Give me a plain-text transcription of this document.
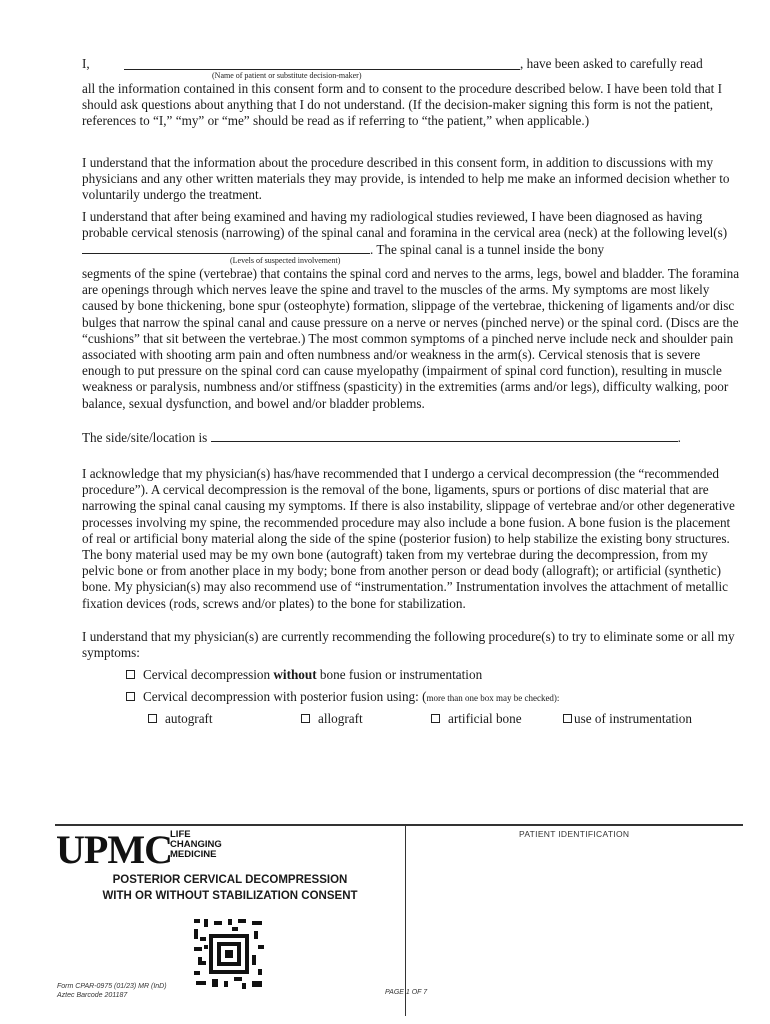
I,	, have been asked to carefully read
(Name of patient or substitute decision-maker)

all the information contained in this consent form and to consent to the procedure described below. I have been told that I should ask questions about anything that I do not understand. (If the decision-maker signing this form is not the patient, references to “I,” “my” or “me” should be read as if referring to “the patient,” when applicable.)

I understand that the information about the procedure described in this consent form, in addition to discussions with my physicians and any other written materials they may provide, is intended to help me make an informed decision whether to voluntarily undergo the treatment.

I understand that after being examined and having my radiological studies reviewed, I have been diagnosed as having probable cervical stenosis (narrowing) of the spinal canal and foramina in the cervical area (neck) at the following level(s) . The spinal canal is a tunnel inside the bony

(Levels of suspected involvement)

segments of the spine (vertebrae) that contains the spinal cord and nerves to the arms, legs, bowel and bladder. The foramina are openings through which nerves leave the spine and travel to the muscles of the arms. My symptoms are most likely caused by bone thickening, bone spur (osteophyte) formation, slippage of the vertebrae, thickening of ligaments and/or disc bulges that narrow the spinal canal and cause pressure on a nerve or nerves (pinched nerve) or the spinal cord. (Discs are the “cushions” that sit between the vertebrae.) The most common symptoms of a pinched nerve include neck and shoulder pain associated with shooting arm pain and often numbness and/or weakness in the arm(s). Cervical stenosis that is severe enough to put pressure on the spinal cord can cause myelopathy (impairment of spinal cord function), resulting in muscle weakness or paralysis, numbness and/or stiffness (spasticity) in the extremities (arms and/or legs), difficulty walking, poor balance, sexual dysfunction, and bowel and/or bladder problems.

The side/site/location is	.

I acknowledge that my physician(s) has/have recommended that I undergo a cervical decompression (the “recommended procedure”). A cervical decompression is the removal of the bone, ligaments, spurs or portions of disc material that are narrowing the spinal canal causing my symptoms. If there is also instability, slippage of vertebrae and/or other degenerative processes involving my spine, the recommended procedure may also include a bone fusion. A bone fusion is the placement of real or artificial bony material along the side of the spine (posterior fusion) to help stabilize the existing bony structures. The bony material used may be my own bone (autograft) taken from my vertebrae during the decompression, from my pelvic bone or from another place in my body; bone from another person or dead body (allograft); or artificial (synthetic) bone. My physician(s) may also recommend use of “instrumentation.” Instrumentation involves the attachment of metallic fixation devices (rods, screws and/or plates) to the bone for stabilization.

I understand that my physician(s) are currently recommending the following procedure(s) to try to eliminate some or all my symptoms:

Cervical decompression without bone fusion or instrumentation
Cervical decompression with posterior fusion using: (more than one box may be checked):
autograft	allograft	artificial bone	use of instrumentation
UPMC
LIFE
CHANGING
MEDICINE
POSTERIOR CERVICAL DECOMPRESSION
WITH OR WITHOUT STABILIZATION CONSENT
Form CPAR-0975 (01/23) MR (InD)
Aztec Barcode 201187	PAGE 1 OF 7
PATIENT IDENTIFICATION
